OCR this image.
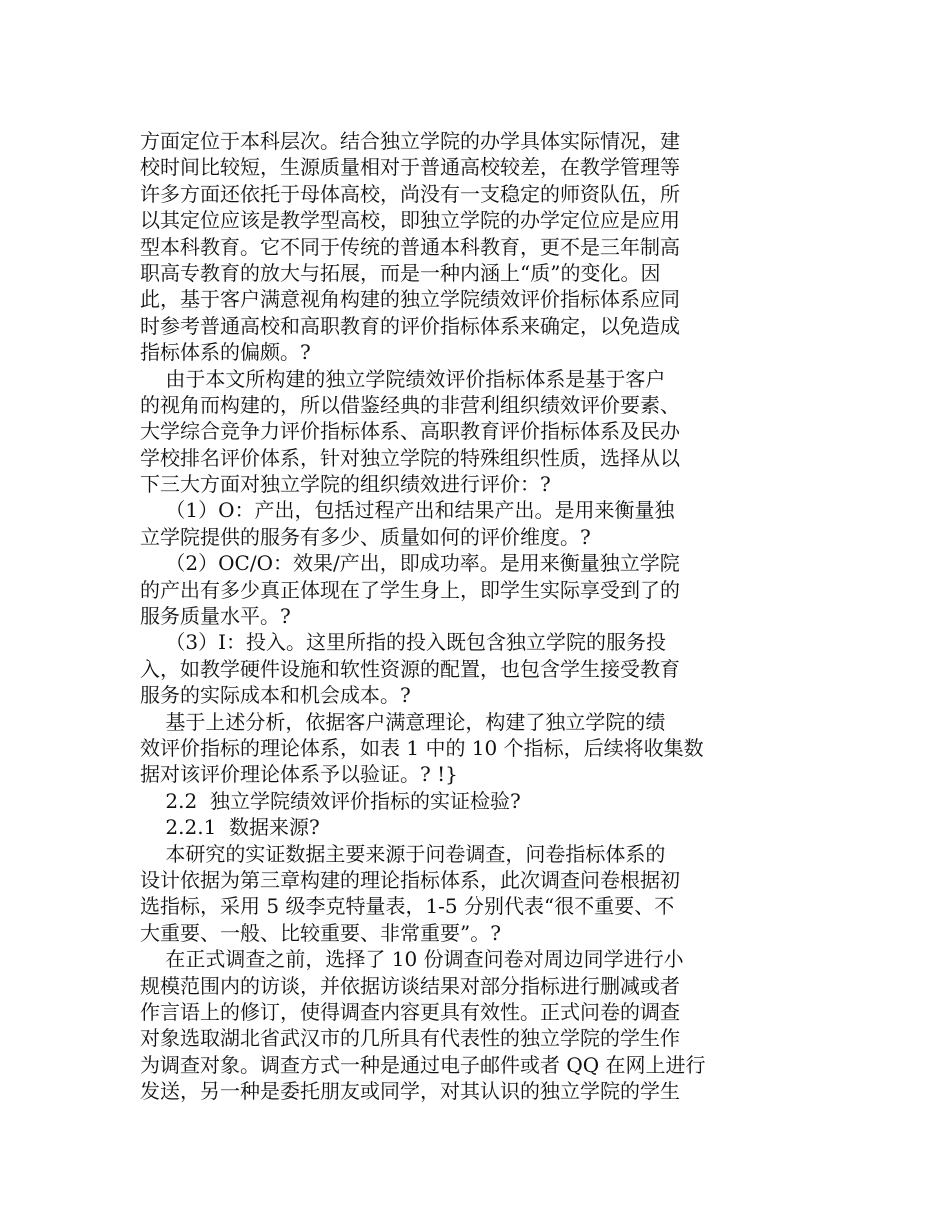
方面定位于本科层次。结合独立学院的办学具体实际情况，建
校时间比较短，生源质量相对于普通高校较差，在教学管理等
许多方面还依托于母体高校，尚没有一支稳定的师资队伍，所
以其定位应该是教学型高校，即独立学院的办学定位应是应用
型本科教育。它不同于传统的普通本科教育，更不是三年制高
职高专教育的放大与拓展，而是一种内涵上“质”的变化。因
此，基于客户满意视角构建的独立学院绩效评价指标体系应同
时参考普通高校和高职教育的评价指标体系来确定，以免造成
指标体系的偏颇。?
由于本文所构建的独立学院绩效评价指标体系是基于客户
的视角而构建的，所以借鉴经典的非营利组织绩效评价要素、
大学综合竞争力评价指标体系、高职教育评价指标体系及民办
学校排名评价体系，针对独立学院的特殊组织性质，选择从以
下三大方面对独立学院的组织绩效进行评价：?
（1）O：产出，包括过程产出和结果产出。是用来衡量独
立学院提供的服务有多少、质量如何的评价维度。?
（2）OC/O：效果/产出，即成功率。是用来衡量独立学院
的产出有多少真正体现在了学生身上，即学生实际享受到了的
服务质量水平。?
（3）I：投入。这里所指的投入既包含独立学院的服务投
入，如教学硬件设施和软性资源的配置，也包含学生接受教育
服务的实际成本和机会成本。?
基于上述分析，依据客户满意理论，构建了独立学院的绩
效评价指标的理论体系，如表 1 中的 10 个指标，后续将收集数
据对该评价理论体系予以验证。? !}
2.2  独立学院绩效评价指标的实证检验?
2.2.1  数据来源?
本研究的实证数据主要来源于问卷调查，问卷指标体系的
设计依据为第三章构建的理论指标体系，此次调查问卷根据初
选指标，采用 5 级李克特量表，1-5 分别代表“很不重要、不
大重要、一般、比较重要、非常重要”。?
在正式调查之前，选择了 10 份调查问卷对周边同学进行小
规模范围内的访谈，并依据访谈结果对部分指标进行删减或者
作言语上的修订，使得调查内容更具有效性。正式问卷的调查
对象选取湖北省武汉市的几所具有代表性的独立学院的学生作
为调查对象。调查方式一种是通过电子邮件或者 QQ 在网上进行
发送，另一种是委托朋友或同学，对其认识的独立学院的学生
